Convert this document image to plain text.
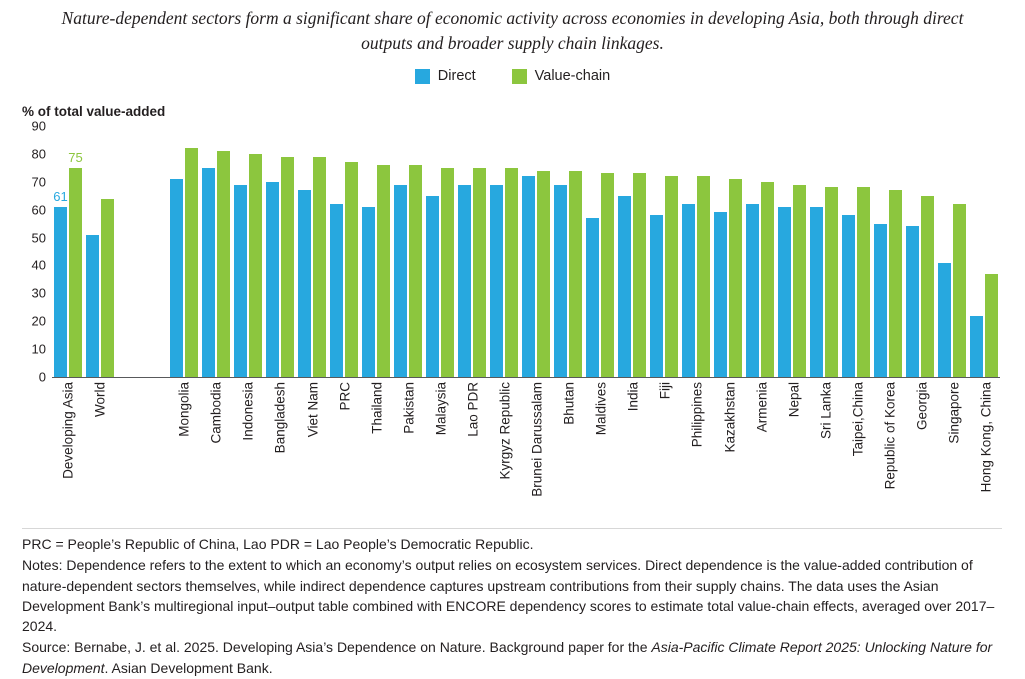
Nature-dependent sectors form a significant share of economic activity across economies in developing Asia, both through direct outputs and broader supply chain linkages.
Direct	Value-chain
% of total value-added
0
10
20
30
40
50
60
70
80
90
61
75
Developing Asia World	Mongolia Cambodia Indonesia Bangladesh Viet Nam PRC Thailand Pakistan Malaysia Lao PDR Kyrgyz Republic Brunei Darussalam Bhutan Maldives India Fiji Philippines Kazakhstan Armenia Nepal Sri Lanka Taipei,China Republic of Korea Georgia Singapore Hong Kong, China

PRC = People’s Republic of China, Lao PDR = Lao People’s Democratic Republic.

Notes: Dependence refers to the extent to which an economy’s output relies on ecosystem services. Direct dependence is the value-added contribution of nature-dependent sectors themselves, while indirect dependence captures upstream contributions from their supply chains. The data uses the Asian Development Bank’s multiregional input–output table combined with ENCORE dependency scores to estimate total value-chain effects, averaged over 2017–2024.

Source: Bernabe, J. et al. 2025. Developing Asia’s Dependence on Nature. Background paper for the Asia-Pacific Climate Report 2025: Unlocking Nature for Development. Asian Development Bank.
